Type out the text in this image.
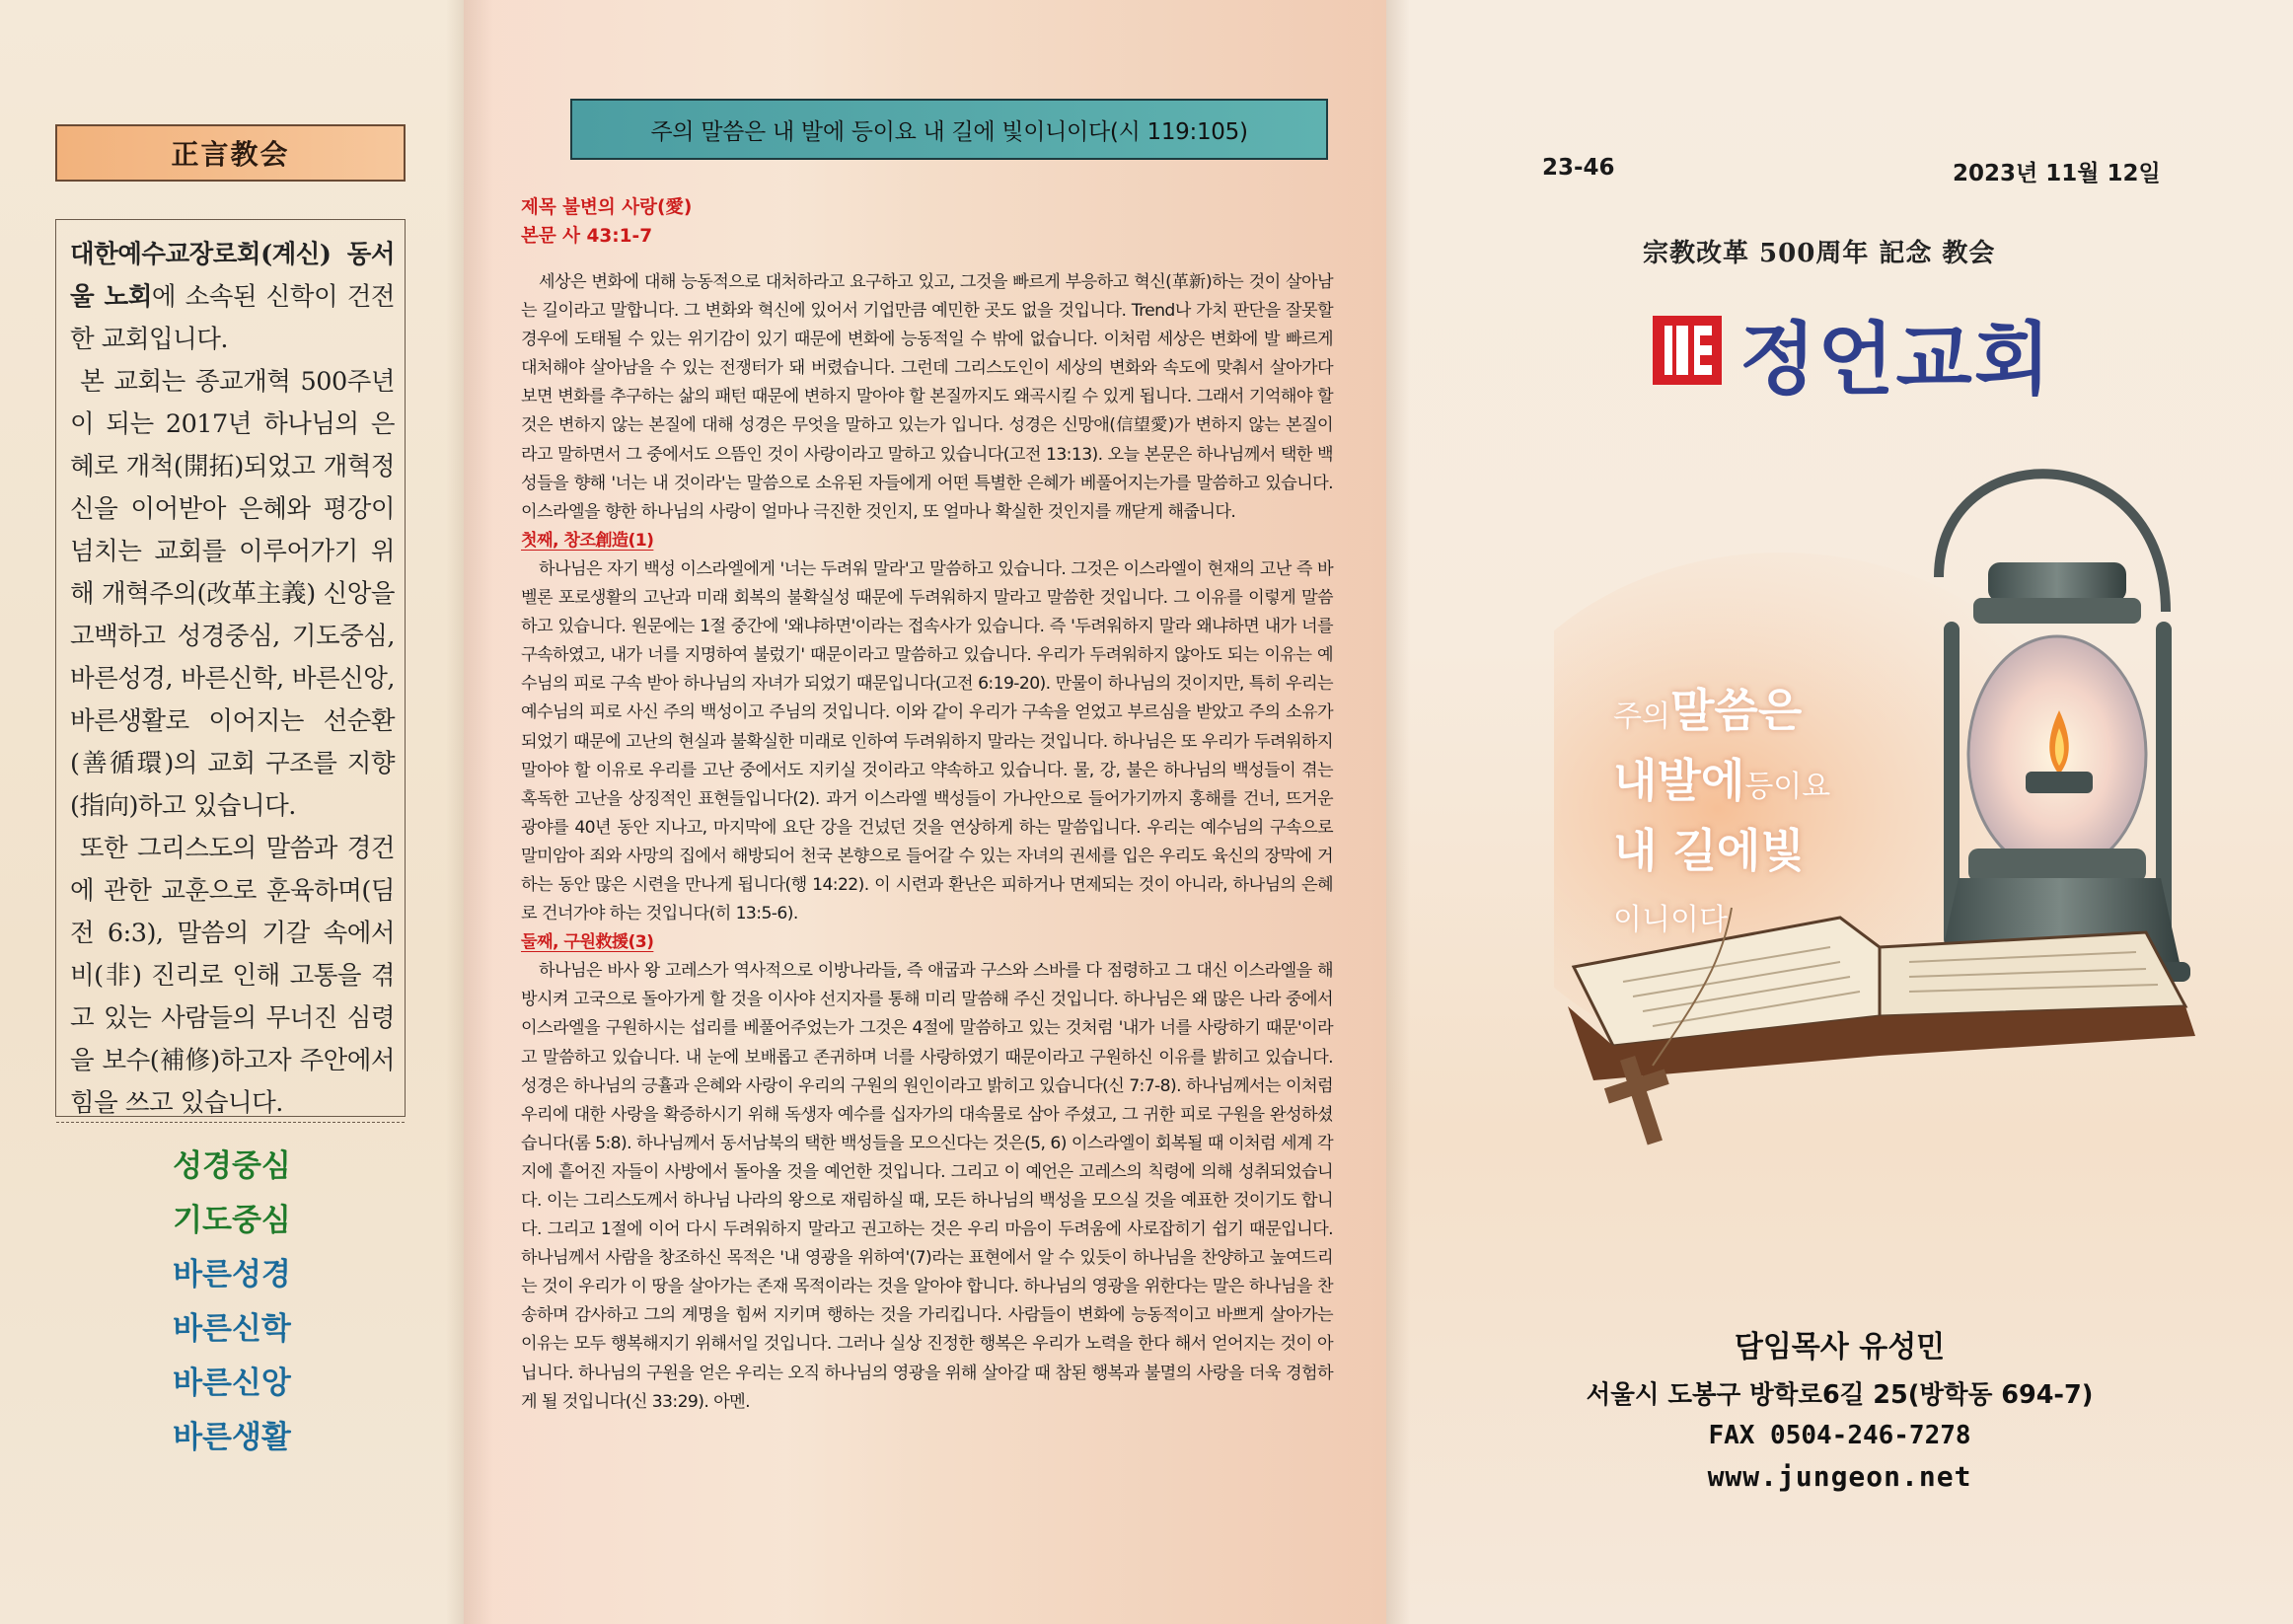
正言教会

대한예수교장로회(계신) 동서울 노회에 소속된 신학이 건전한 교회입니다.

본 교회는 종교개혁 500주년이 되는 2017년 하나님의 은혜로 개척(開拓)되었고 개혁정신을 이어받아 은혜와 평강이 넘치는 교회를 이루어가기 위해 개혁주의(改革主義) 신앙을 고백하고 성경중심, 기도중심, 바른성경, 바른신학, 바른신앙, 바른생활로 이어지는 선순환(善循環)의 교회 구조를 지향(指向)하고 있습니다.

또한 그리스도의 말씀과 경건에 관한 교훈으로 훈육하며(딤전 6:3), 말씀의 기갈 속에서 비(非) 진리로 인해 고통을 겪고 있는 사람들의 무너진 심령을 보수(補修)하고자 주안에서 힘을 쓰고 있습니다.

성경중심
기도중심
바른성경
바른신학
바른신앙
바른생활
주의 말씀은 내 발에 등이요 내 길에 빛이니이다(시 119:105)
제목 불변의 사랑(愛)
본문 사 43:1-7

세상은 변화에 대해 능동적으로 대처하라고 요구하고 있고, 그것을 빠르게 부응하고 혁신(革新)하는 것이 살아남는 길이라고 말합니다. 그 변화와 혁신에 있어서 기업만큼 예민한 곳도 없을 것입니다. Trend나 가치 판단을 잘못할 경우에 도태될 수 있는 위기감이 있기 때문에 변화에 능동적일 수 밖에 없습니다. 이처럼 세상은 변화에 발 빠르게 대처해야 살아남을 수 있는 전쟁터가 돼 버렸습니다. 그런데 그리스도인이 세상의 변화와 속도에 맞춰서 살아가다 보면 변화를 추구하는 삶의 패턴 때문에 변하지 말아야 할 본질까지도 왜곡시킬 수 있게 됩니다. 그래서 기억해야 할 것은 변하지 않는 본질에 대해 성경은 무엇을 말하고 있는가 입니다. 성경은 신망애(信望愛)가 변하지 않는 본질이라고 말하면서 그 중에서도 으뜸인 것이 사랑이라고 말하고 있습니다(고전 13:13). 오늘 본문은 하나님께서 택한 백성들을 향해 '너는 내 것이라'는 말씀으로 소유된 자들에게 어떤 특별한 은혜가 베풀어지는가를 말씀하고 있습니다. 이스라엘을 향한 하나님의 사랑이 얼마나 극진한 것인지, 또 얼마나 확실한 것인지를 깨닫게 해줍니다.

첫째, 창조創造(1)

하나님은 자기 백성 이스라엘에게 '너는 두려워 말라'고 말씀하고 있습니다. 그것은 이스라엘이 현재의 고난 즉 바벨론 포로생활의 고난과 미래 회복의 불확실성 때문에 두려워하지 말라고 말씀한 것입니다. 그 이유를 이렇게 말씀하고 있습니다. 원문에는 1절 중간에 '왜냐하면'이라는 접속사가 있습니다. 즉 '두려워하지 말라 왜냐하면 내가 너를 구속하였고, 내가 너를 지명하여 불렀기' 때문이라고 말씀하고 있습니다. 우리가 두려워하지 않아도 되는 이유는 예수님의 피로 구속 받아 하나님의 자녀가 되었기 때문입니다(고전 6:19-20). 만물이 하나님의 것이지만, 특히 우리는 예수님의 피로 사신 주의 백성이고 주님의 것입니다. 이와 같이 우리가 구속을 얻었고 부르심을 받았고 주의 소유가 되었기 때문에 고난의 현실과 불확실한 미래로 인하여 두려워하지 말라는 것입니다. 하나님은 또 우리가 두려워하지 말아야 할 이유로 우리를 고난 중에서도 지키실 것이라고 약속하고 있습니다. 물, 강, 불은 하나님의 백성들이 겪는 혹독한 고난을 상징적인 표현들입니다(2). 과거 이스라엘 백성들이 가나안으로 들어가기까지 홍해를 건너, 뜨거운 광야를 40년 동안 지나고, 마지막에 요단 강을 건넜던 것을 연상하게 하는 말씀입니다. 우리는 예수님의 구속으로 말미암아 죄와 사망의 집에서 해방되어 천국 본향으로 들어갈 수 있는 자녀의 권세를 입은 우리도 육신의 장막에 거하는 동안 많은 시련을 만나게 됩니다(행 14:22). 이 시련과 환난은 피하거나 면제되는 것이 아니라, 하나님의 은혜로 건너가야 하는 것입니다(히 13:5-6).

둘째, 구원救援(3)

하나님은 바사 왕 고레스가 역사적으로 이방나라들, 즉 애굽과 구스와 스바를 다 점령하고 그 대신 이스라엘을 해방시켜 고국으로 돌아가게 할 것을 이사야 선지자를 통해 미리 말씀해 주신 것입니다. 하나님은 왜 많은 나라 중에서 이스라엘을 구원하시는 섭리를 베풀어주었는가 그것은 4절에 말씀하고 있는 것처럼 '내가 너를 사랑하기 때문'이라고 말씀하고 있습니다. 내 눈에 보배롭고 존귀하며 너를 사랑하였기 때문이라고 구원하신 이유를 밝히고 있습니다. 성경은 하나님의 긍휼과 은혜와 사랑이 우리의 구원의 원인이라고 밝히고 있습니다(신 7:7-8). 하나님께서는 이처럼 우리에 대한 사랑을 확증하시기 위해 독생자 예수를 십자가의 대속물로 삼아 주셨고, 그 귀한 피로 구원을 완성하셨습니다(롬 5:8). 하나님께서 동서남북의 택한 백성들을 모으신다는 것은(5, 6) 이스라엘이 회복될 때 이처럼 세계 각지에 흩어진 자들이 사방에서 돌아올 것을 예언한 것입니다. 그리고 이 예언은 고레스의 칙령에 의해 성취되었습니다. 이는 그리스도께서 하나님 나라의 왕으로 재림하실 때, 모든 하나님의 백성을 모으실 것을 예표한 것이기도 합니다. 그리고 1절에 이어 다시 두려워하지 말라고 권고하는 것은 우리 마음이 두려움에 사로잡히기 쉽기 때문입니다. 하나님께서 사람을 창조하신 목적은 '내 영광을 위하여'(7)라는 표현에서 알 수 있듯이 하나님을 찬양하고 높여드리는 것이 우리가 이 땅을 살아가는 존재 목적이라는 것을 알아야 합니다. 하나님의 영광을 위한다는 말은 하나님을 찬송하며 감사하고 그의 계명을 힘써 지키며 행하는 것을 가리킵니다. 사람들이 변화에 능동적이고 바쁘게 살아가는 이유는 모두 행복해지기 위해서일 것입니다. 그러나 실상 진정한 행복은 우리가 노력을 한다 해서 얻어지는 것이 아닙니다. 하나님의 구원을 얻은 우리는 오직 하나님의 영광을 위해 살아갈 때 참된 행복과 불멸의 사랑을 더욱 경험하게 될 것입니다(신 33:29). 아멘.

23-46	2023년 11월 12일
宗教改革 500周年 記念 教会
정언교회
주의말씀은
내발에등이요
내 길에빛
이니이다
담임목사 유성민
서울시 도봉구 방학로6길 25(방학동 694-7)
FAX 0504-246-7278
www.jungeon.net
